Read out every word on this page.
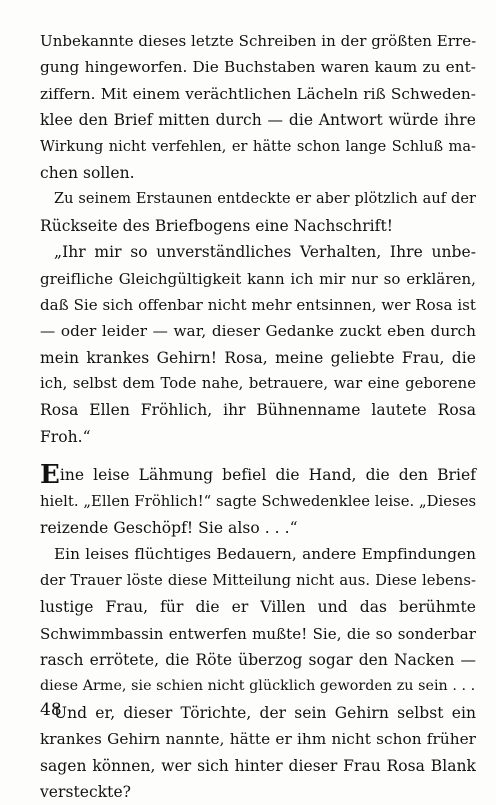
Unbekannte dieses letzte Schreiben in der größten Erre-
gung hingeworfen. Die Buchstaben waren kaum zu ent-
ziffern. Mit einem verächtlichen Lächeln riß Schweden-
klee den Brief mitten durch — die Antwort würde ihre
Wirkung nicht verfehlen, er hätte schon lange Schluß ma-
chen sollen.
Zu seinem Erstaunen entdeckte er aber plötzlich auf der
Rückseite des Briefbogens eine Nachschrift!
„Ihr mir so unverständliches Verhalten, Ihre unbe-
greifliche Gleichgültigkeit kann ich mir nur so erklären,
daß Sie sich offenbar nicht mehr entsinnen, wer Rosa ist
— oder leider — war, dieser Gedanke zuckt eben durch
mein krankes Gehirn! Rosa, meine geliebte Frau, die
ich, selbst dem Tode nahe, betrauere, war eine geborene
Rosa Ellen Fröhlich, ihr Bühnenname lautete Rosa
Froh.“
Eine leise Lähmung befiel die Hand, die den Brief
hielt. „Ellen Fröhlich!“ sagte Schwedenklee leise. „Dieses
reizende Geschöpf! Sie also . . .“
Ein leises flüchtiges Bedauern, andere Empfindungen
der Trauer löste diese Mitteilung nicht aus. Diese lebens-
lustige Frau, für die er Villen und das berühmte
Schwimmbassin entwerfen mußte! Sie, die so sonderbar
rasch errötete, die Röte überzog sogar den Nacken —
diese Arme, sie schien nicht glücklich geworden zu sein . . .
Und er, dieser Törichte, der sein Gehirn selbst ein
krankes Gehirn nannte, hätte er ihm nicht schon früher
sagen können, wer sich hinter dieser Frau Rosa Blank
versteckte?
48
